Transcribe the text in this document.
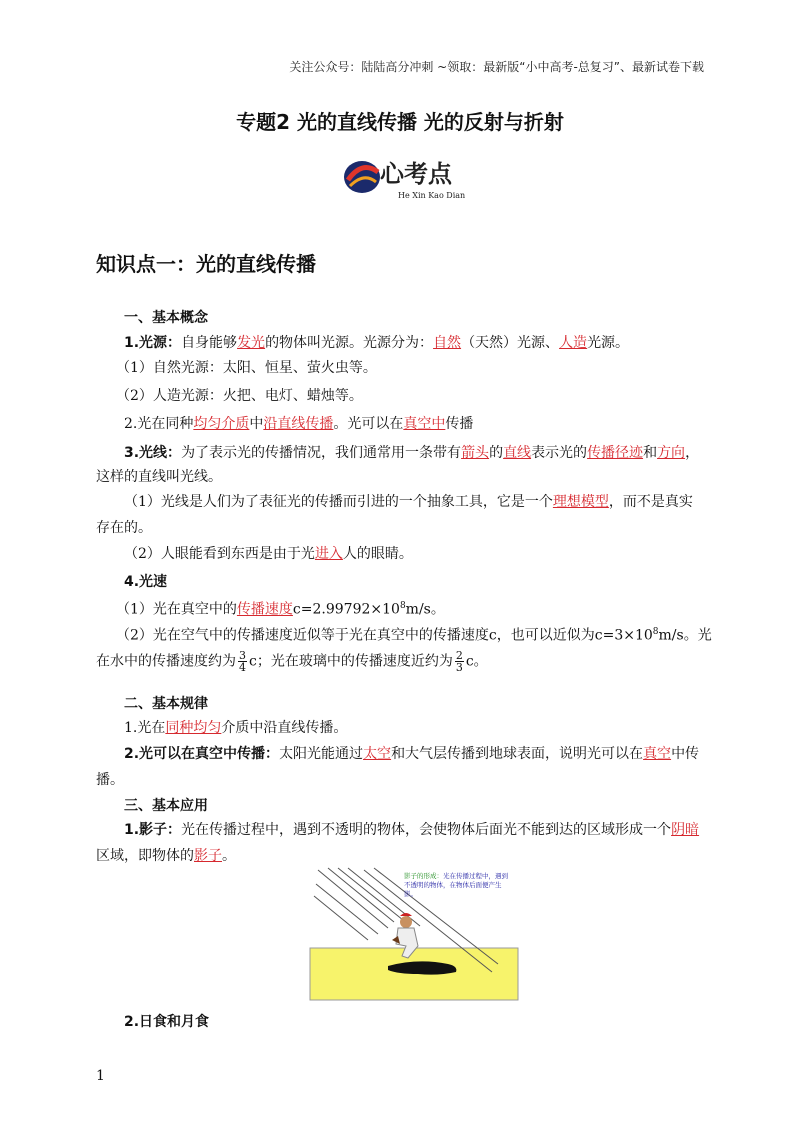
关注公众号：陆陆高分冲刺 ~领取：最新版“小中高考-总复习”、最新试卷下载
专题2 光的直线传播 光的反射与折射
心考点
He Xin Kao Dian
知识点一：光的直线传播
一、基本概念
1.光源：自身能够发光的物体叫光源。光源分为：自然（天然）光源、人造光源。
（1）自然光源：太阳、恒星、萤火虫等。
（2）人造光源：火把、电灯、蜡烛等。
2.光在同种均匀介质中沿直线传播。光可以在真空中传播
3.光线：为了表示光的传播情况，我们通常用一条带有箭头的直线表示光的传播径迹和方向，
这样的直线叫光线。
（1）光线是人们为了表征光的传播而引进的一个抽象工具，它是一个理想模型，而不是真实
存在的。
（2）人眼能看到东西是由于光进入人的眼睛。
4.光速
（1）光在真空中的传播速度$c=2.99792\times 10^8m/s$。
（2）光在空气中的传播速度近似等于光在真空中的传播速度c，也可以近似为$c=3\times 10^8m/s$。光
在水中的传播速度约为 $\frac{3}{4}$ c；光在玻璃中的传播速度近约为 $\frac{2}{3}$ c。
二、基本规律
1.光在同种均匀介质中沿直线传播。
2.光可以在真空中传播：太阳光能通过太空和大气层传播到地球表面，说明光可以在真空中传
播。
三、基本应用
1.影子：光在传播过程中，遇到不透明的物体，会使物体后面光不能到达的区域形成一个阴暗
区域，即物体的影子。
影子的形成：光在传播过程中，遇到不透明的物体，在物体后面便产生影。
2.日食和月食
1
